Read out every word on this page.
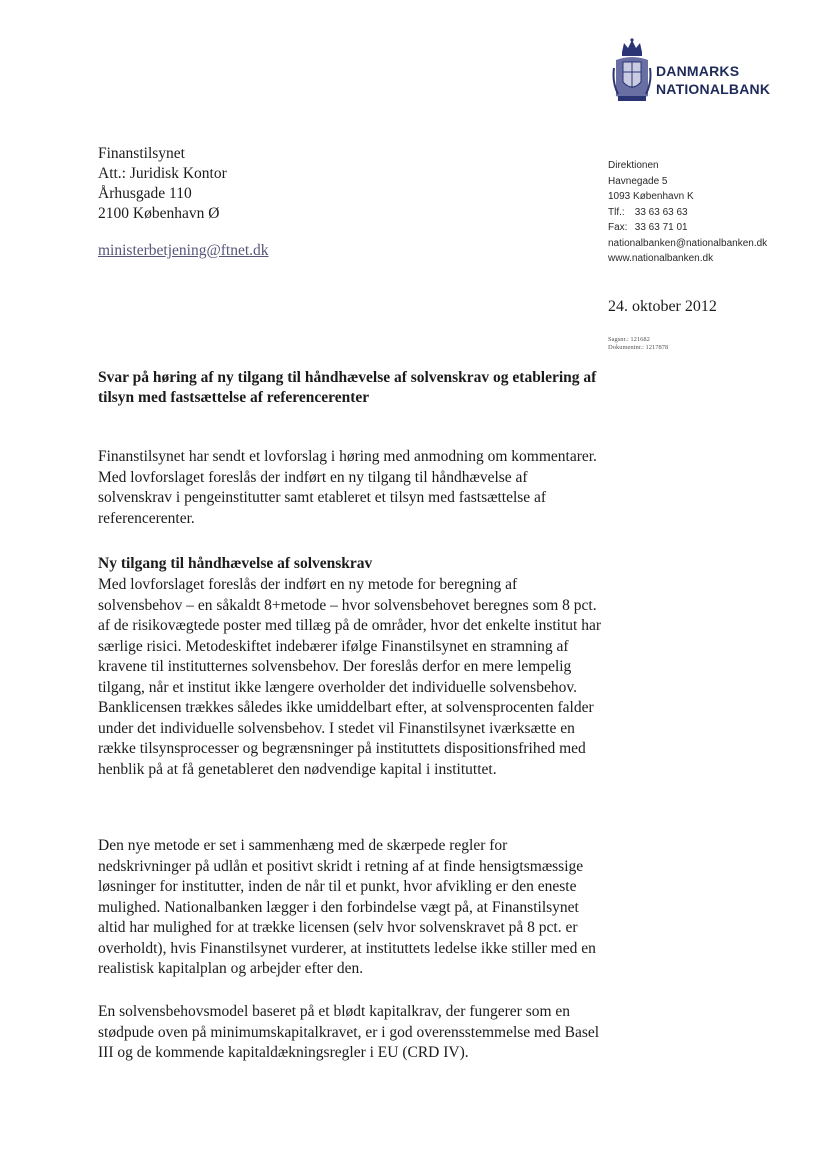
DANMARKS
NATIONALBANK
Finanstilsynet
Att.: Juridisk Kontor
Århusgade 110
2100 København Ø
ministerbetjening@ftnet.dk
Direktionen
Havnegade 5
1093 København K
Tlf.: 33 63 63 63
Fax: 33 63 71 01
nationalbanken@nationalbanken.dk
www.nationalbanken.dk
24. oktober 2012
Sagsnr.: 121682
Dokumentnr.: 1217878
Svar på høring af ny tilgang til håndhævelse af solvenskrav og etablering af tilsyn med fastsættelse af referencerenter

Finanstilsynet har sendt et lovforslag i høring med anmodning om kommentarer. Med lovforslaget foreslås der indført en ny tilgang til håndhævelse af solvenskrav i pengeinstitutter samt etableret et tilsyn med fastsættelse af referencerenter.

Ny tilgang til håndhævelse af solvenskrav

Med lovforslaget foreslås der indført en ny metode for beregning af solvensbehov – en såkaldt 8+metode – hvor solvensbehovet beregnes som 8 pct. af de risikovægtede poster med tillæg på de områder, hvor det enkelte institut har særlige risici. Metodeskiftet indebærer ifølge Finanstilsynet en stramning af kravene til institutternes solvensbehov. Der foreslås derfor en mere lempelig tilgang, når et institut ikke længere overholder det individuelle solvensbehov. Banklicensen trækkes således ikke umiddelbart efter, at solvensprocenten falder under det individuelle solvensbehov. I stedet vil Finanstilsynet iværksætte en række tilsynsprocesser og begrænsninger på instituttets dispositionsfrihed med henblik på at få genetableret den nødvendige kapital i instituttet.

Den nye metode er set i sammenhæng med de skærpede regler for nedskrivninger på udlån et positivt skridt i retning af at finde hensigtsmæssige løsninger for institutter, inden de når til et punkt, hvor afvikling er den eneste mulighed. Nationalbanken lægger i den forbindelse vægt på, at Finanstilsynet altid har mulighed for at trække licensen (selv hvor solvenskravet på 8 pct. er overholdt), hvis Finanstilsynet vurderer, at instituttets ledelse ikke stiller med en realistisk kapitalplan og arbejder efter den.

En solvensbehovsmodel baseret på et blødt kapitalkrav, der fungerer som en stødpude oven på minimumskapitalkravet, er i god overensstemmelse med Basel III og de kommende kapitaldækningsregler i EU (CRD IV).
